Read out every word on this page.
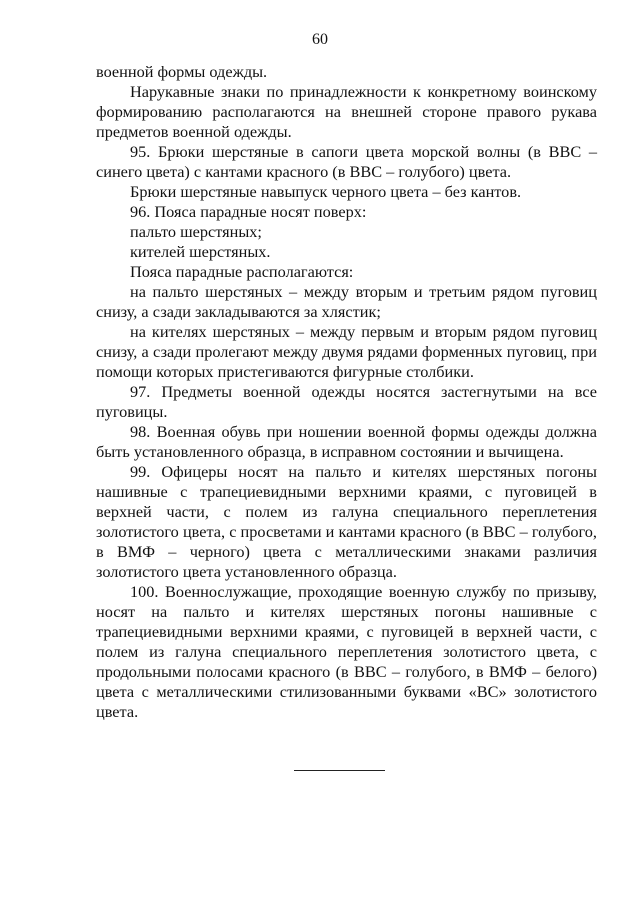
60

военной формы одежды.

Нарукавные знаки по принадлежности к конкретному воинскому формированию располагаются на внешней стороне правого рукава предметов военной одежды.

95. Брюки шерстяные в сапоги цвета морской волны (в ВВС – синего цвета) с кантами красного (в ВВС – голубого) цвета.

Брюки шерстяные навыпуск черного цвета – без кантов.

96. Пояса парадные носят поверх:

пальто шерстяных;

кителей шерстяных.

Пояса парадные располагаются:

на пальто шерстяных – между вторым и третьим рядом пуговиц снизу, а сзади закладываются за хлястик;

на кителях шерстяных – между первым и вторым рядом пуговиц снизу, а сзади пролегают между двумя рядами форменных пуговиц, при помощи которых пристегиваются фигурные столбики.

97. Предметы военной одежды носятся застегнутыми на все пуговицы.

98. Военная обувь при ношении военной формы одежды должна быть установленного образца, в исправном состоянии и вычищена.

99. Офицеры носят на пальто и кителях шерстяных погоны нашивные с трапециевидными верхними краями, с пуговицей в верхней части, с полем из галуна специального переплетения золотистого цвета, с просветами и кантами красного (в ВВС – голубого, в ВМФ – черного) цвета с металлическими знаками различия золотистого цвета установленного образца.

100. Военнослужащие, проходящие военную службу по призыву, носят на пальто и кителях шерстяных погоны нашивные с трапециевидными верхними краями, с пуговицей в верхней части, с полем из галуна специального переплетения золотистого цвета, с продольными полосами красного (в ВВС – голубого, в ВМФ – белого) цвета с металлическими стилизованными буквами «ВС» золотистого цвета.
